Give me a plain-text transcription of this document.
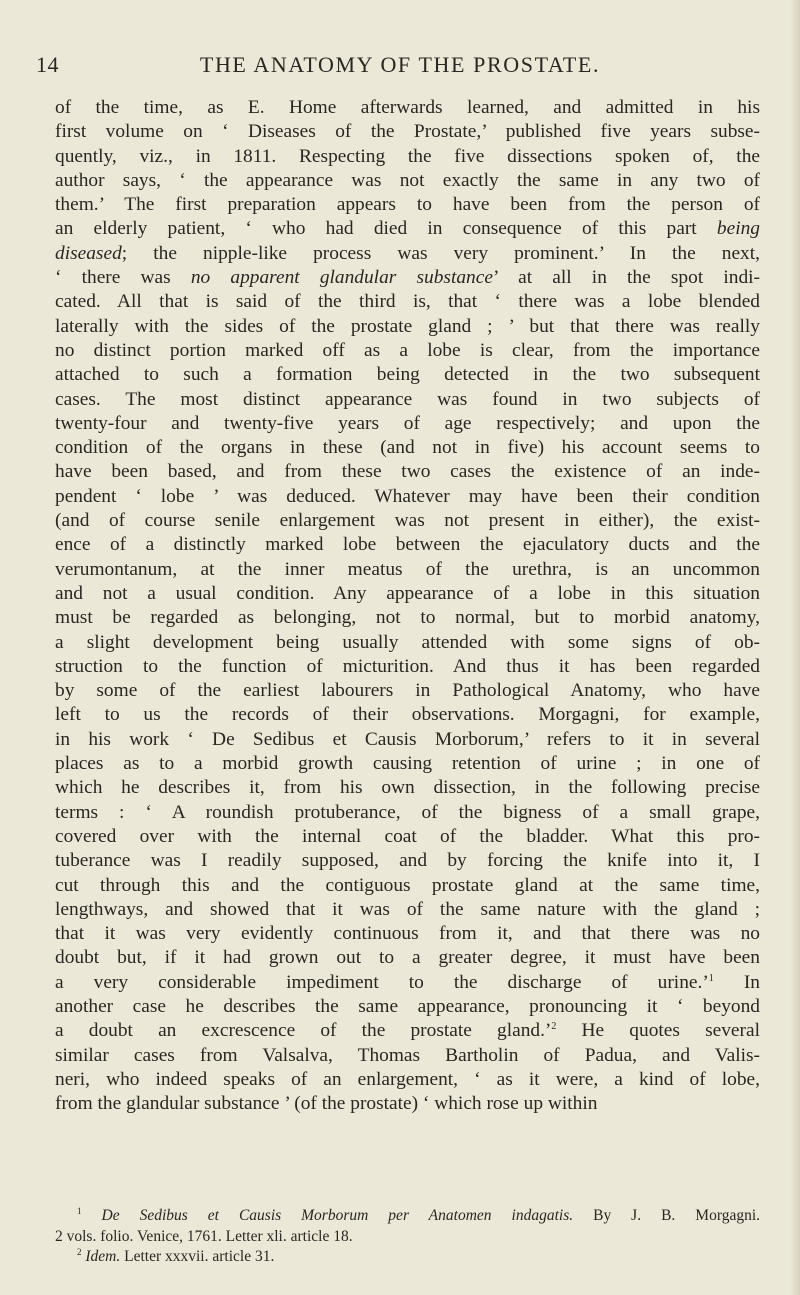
14	THE ANATOMY OF THE PROSTATE.
of the time, as E. Home afterwards learned, and admitted in his
first volume on ‘ Diseases of the Prostate,’ published five years subse-
quently, viz., in 1811. Respecting the five dissections spoken of, the
author says, ‘ the appearance was not exactly the same in any two of
them.’ The first preparation appears to have been from the person of
an elderly patient, ‘ who had died in consequence of this part being
diseased; the nipple-like process was very prominent.’ In the next,
‘ there was no apparent glandular substance’ at all in the spot indi-
cated. All that is said of the third is, that ‘ there was a lobe blended
laterally with the sides of the prostate gland ; ’ but that there was really
no distinct portion marked off as a lobe is clear, from the importance
attached to such a formation being detected in the two subsequent
cases. The most distinct appearance was found in two subjects of
twenty-four and twenty-five years of age respectively; and upon the
condition of the organs in these (and not in five) his account seems to
have been based, and from these two cases the existence of an inde-
pendent ‘ lobe ’ was deduced. Whatever may have been their condition
(and of course senile enlargement was not present in either), the exist-
ence of a distinctly marked lobe between the ejaculatory ducts and the
verumontanum, at the inner meatus of the urethra, is an uncommon
and not a usual condition. Any appearance of a lobe in this situation
must be regarded as belonging, not to normal, but to morbid anatomy,
a slight development being usually attended with some signs of ob-
struction to the function of micturition. And thus it has been regarded
by some of the earliest labourers in Pathological Anatomy, who have
left to us the records of their observations. Morgagni, for example,
in his work ‘ De Sedibus et Causis Morborum,’ refers to it in several
places as to a morbid growth causing retention of urine ; in one of
which he describes it, from his own dissection, in the following precise
terms : ‘ A roundish protuberance, of the bigness of a small grape,
covered over with the internal coat of the bladder. What this pro-
tuberance was I readily supposed, and by forcing the knife into it, I
cut through this and the contiguous prostate gland at the same time,
lengthways, and showed that it was of the same nature with the gland ;
that it was very evidently continuous from it, and that there was no
doubt but, if it had grown out to a greater degree, it must have been
a very considerable impediment to the discharge of urine.’$^1$ In
another case he describes the same appearance, pronouncing it ‘ beyond
a doubt an excrescence of the prostate gland.’$^2$ He quotes several
similar cases from Valsalva, Thomas Bartholin of Padua, and Valis-
neri, who indeed speaks of an enlargement, ‘ as it were, a kind of lobe,
from the glandular substance ’ (of the prostate) ‘ which rose up within
$^1$ De Sedibus et Causis Morborum per Anatomen indagatis. By J. B. Morgagni.
2 vols. folio. Venice, 1761. Letter xli. article 18.
$^2$ Idem. Letter xxxvii. article 31.
